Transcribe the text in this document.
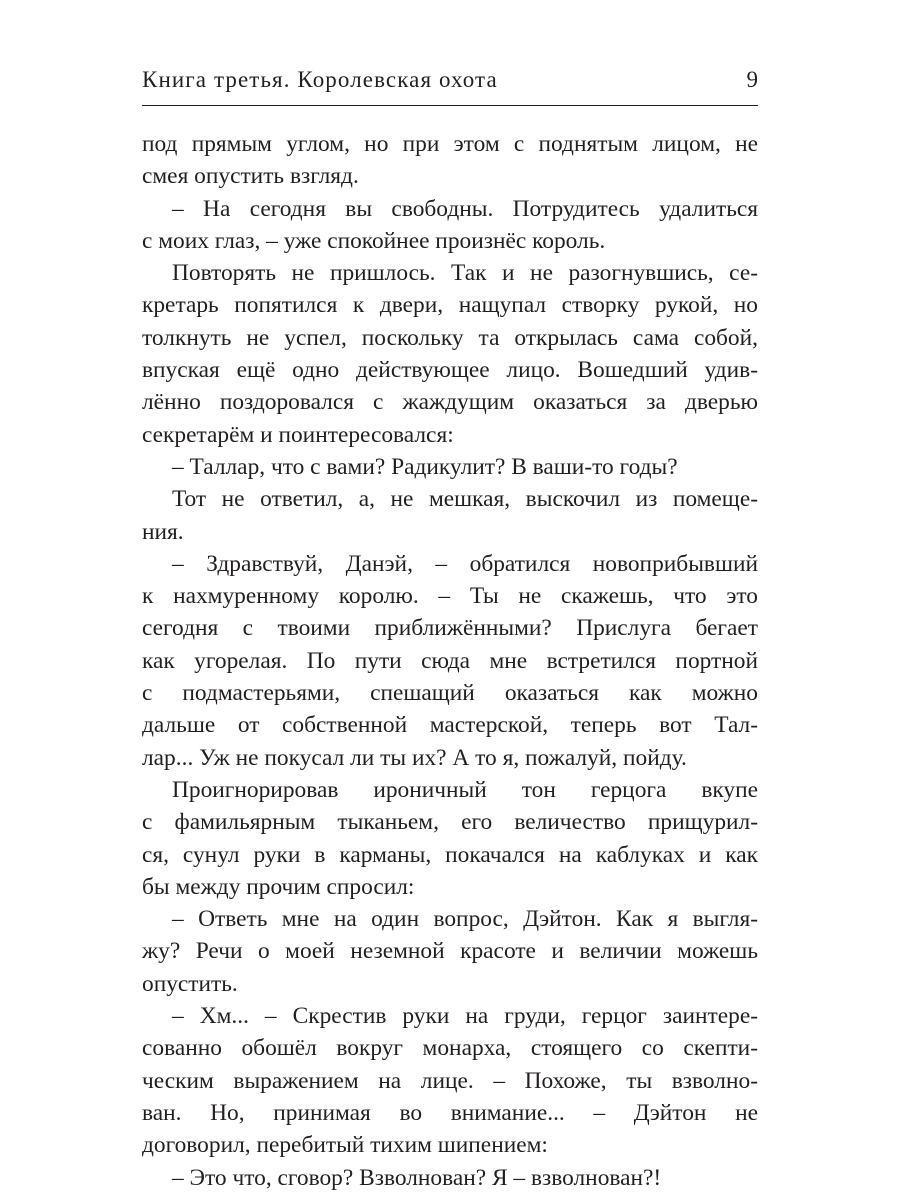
Книга третья. Королевская охота	9
под прямым углом, но при этом с поднятым лицом, не
смея опустить взгляд.
– На сегодня вы свободны. Потрудитесь удалиться
с моих глаз, – уже спокойнее произнёс король.
Повторять не пришлось. Так и не разогнувшись, се-
кретарь попятился к двери, нащупал створку рукой, но
толкнуть не успел, поскольку та открылась сама собой,
впуская ещё одно действующее лицо. Вошедший удив-
лённо поздоровался с жаждущим оказаться за дверью
секретарём и поинтересовался:
– Таллар, что с вами? Радикулит? В ваши-то годы?
Тот не ответил, а, не мешкая, выскочил из помеще-
ния.
– Здравствуй, Данэй, – обратился новоприбывший
к нахмуренному королю. – Ты не скажешь, что это
сегодня с твоими приближёнными? Прислуга бегает
как угорелая. По пути сюда мне встретился портной
с подмастерьями, спешащий оказаться как можно
дальше от собственной мастерской, теперь вот Тал-
лар... Уж не покусал ли ты их? А то я, пожалуй, пойду.
Проигнорировав ироничный тон герцога вкупе
с фамильярным тыканьем, его величество прищурил-
ся, сунул руки в карманы, покачался на каблуках и как
бы между прочим спросил:
– Ответь мне на один вопрос, Дэйтон. Как я выгля-
жу? Речи о моей неземной красоте и величии можешь
опустить.
– Хм... – Скрестив руки на груди, герцог заинтере-
сованно обошёл вокруг монарха, стоящего со скепти-
ческим выражением на лице. – Похоже, ты взволно-
ван. Но, принимая во внимание... – Дэйтон не
договорил, перебитый тихим шипением:
– Это что, сговор? Взволнован? Я – взволнован?!
